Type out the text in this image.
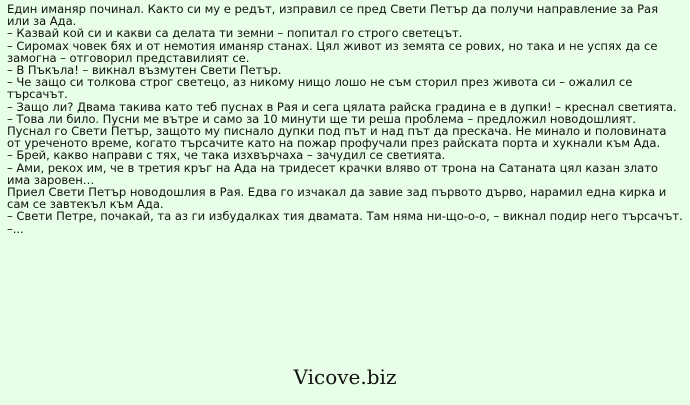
Един иманяр починал. Както си му е редът, изправил се пред Свети Петър да получи направление за Рая или за Ада.

– Казвай кой си и какви са делата ти земни – попитал го строго светецът.

– Сиромах човек бях и от немотия иманяр станах. Цял живот из земята се рових, но така и не успях да се замогна – отговорил представилият се.

– В Пъкъла! – викнал възмутен Свети Петър.

– Че защо си толкова строг светецо, аз никому нищо лошо не съм сторил през живота си – ожалил се търсачът.

– Защо ли? Двама такива като теб пуснах в Рая и сега цялата райска градина е в дупки! – креснал светията.

– Това ли било. Пусни ме вътре и само за 10 минути ще ти реша проблема – предложил новодошлият.

Пуснал го Свети Петър, защото му писнало дупки под път и над път да прескача. Не минало и половината от уреченото време, когато търсачите като на пожар профучали през райската порта и хукнали към Ада.

– Брей, какво направи с тях, че така изхвърчаха – зачудил се светията.

– Ами, рекох им, че в третия кръг на Ада на тридесет крачки вляво от трона на Сатаната цял казан злато има заровен…

Приел Свети Петър новодошлия в Рая. Едва го изчакал да завие зад първото дърво, нарамил една кирка и сам се завтекъл към Ада.

– Свети Петре, почакай, та аз ги избудалках тия двамата. Там няма ни-що-о-о, – викнал подир него търсачът.

–...

Vicove.biz
